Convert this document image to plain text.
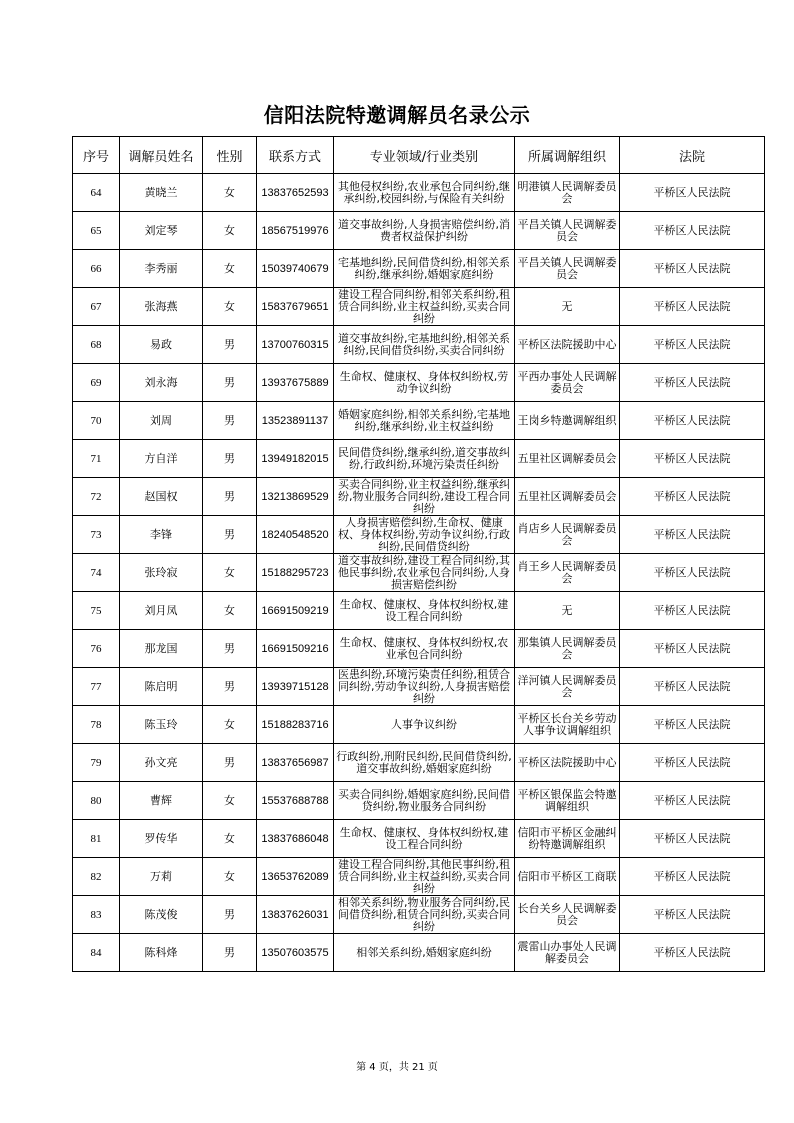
信阳法院特邀调解员名录公示
序号	调解员姓名	性别	联系方式	专业领域/行业类别	所属调解组织	法院
64	黄晓兰	女	13837652593	其他侵权纠纷,农业承包合同纠纷,继承纠纷,校园纠纷,与保险有关纠纷	明港镇人民调解委员会	平桥区人民法院
65	刘定琴	女	18567519976	道交事故纠纷,人身损害赔偿纠纷,消费者权益保护纠纷	平昌关镇人民调解委员会	平桥区人民法院
66	李秀丽	女	15039740679	宅基地纠纷,民间借贷纠纷,相邻关系纠纷,继承纠纷,婚姻家庭纠纷	平昌关镇人民调解委员会	平桥区人民法院
67	张海燕	女	15837679651	建设工程合同纠纷,相邻关系纠纷,租赁合同纠纷,业主权益纠纷,买卖合同纠纷	无	平桥区人民法院
68	易政	男	13700760315	道交事故纠纷,宅基地纠纷,相邻关系纠纷,民间借贷纠纷,买卖合同纠纷	平桥区法院援助中心	平桥区人民法院
69	刘永海	男	13937675889	生命权、健康权、身体权纠纷权,劳动争议纠纷	平西办事处人民调解委员会	平桥区人民法院
70	刘周	男	13523891137	婚姻家庭纠纷,相邻关系纠纷,宅基地纠纷,继承纠纷,业主权益纠纷	王岗乡特邀调解组织	平桥区人民法院
71	方自洋	男	13949182015	民间借贷纠纷,继承纠纷,道交事故纠纷,行政纠纷,环境污染责任纠纷	五里社区调解委员会	平桥区人民法院
72	赵国权	男	13213869529	买卖合同纠纷,业主权益纠纷,继承纠纷,物业服务合同纠纷,建设工程合同纠纷	五里社区调解委员会	平桥区人民法院
73	李锋	男	18240548520	人身损害赔偿纠纷,生命权、健康权、身体权纠纷,劳动争议纠纷,行政纠纷,民间借贷纠纷	肖店乡人民调解委员会	平桥区人民法院
74	张玲寂	女	15188295723	道交事故纠纷,建设工程合同纠纷,其他民事纠纷,农业承包合同纠纷,人身损害赔偿纠纷	肖王乡人民调解委员会	平桥区人民法院
75	刘月凤	女	16691509219	生命权、健康权、身体权纠纷权,建设工程合同纠纷	无	平桥区人民法院
76	那龙国	男	16691509216	生命权、健康权、身体权纠纷权,农业承包合同纠纷	那集镇人民调解委员会	平桥区人民法院
77	陈启明	男	13939715128	医患纠纷,环境污染责任纠纷,租赁合同纠纷,劳动争议纠纷,人身损害赔偿纠纷	洋河镇人民调解委员会	平桥区人民法院
78	陈玉玲	女	15188283716	人事争议纠纷	平桥区长台关乡劳动人事争议调解组织	平桥区人民法院
79	孙文亮	男	13837656987	行政纠纷,刑附民纠纷,民间借贷纠纷,道交事故纠纷,婚姻家庭纠纷	平桥区法院援助中心	平桥区人民法院
80	曹辉	女	15537688788	买卖合同纠纷,婚姻家庭纠纷,民间借贷纠纷,物业服务合同纠纷	平桥区银保监会特邀调解组织	平桥区人民法院
81	罗传华	女	13837686048	生命权、健康权、身体权纠纷权,建设工程合同纠纷	信阳市平桥区金融纠纷特邀调解组织	平桥区人民法院
82	万莉	女	13653762089	建设工程合同纠纷,其他民事纠纷,租赁合同纠纷,业主权益纠纷,买卖合同纠纷	信阳市平桥区工商联	平桥区人民法院
83	陈茂俊	男	13837626031	相邻关系纠纷,物业服务合同纠纷,民间借贷纠纷,租赁合同纠纷,买卖合同纠纷	长台关乡人民调解委员会	平桥区人民法院
84	陈科烽	男	13507603575	相邻关系纠纷,婚姻家庭纠纷	震雷山办事处人民调解委员会	平桥区人民法院
第 4 页，共 21 页
